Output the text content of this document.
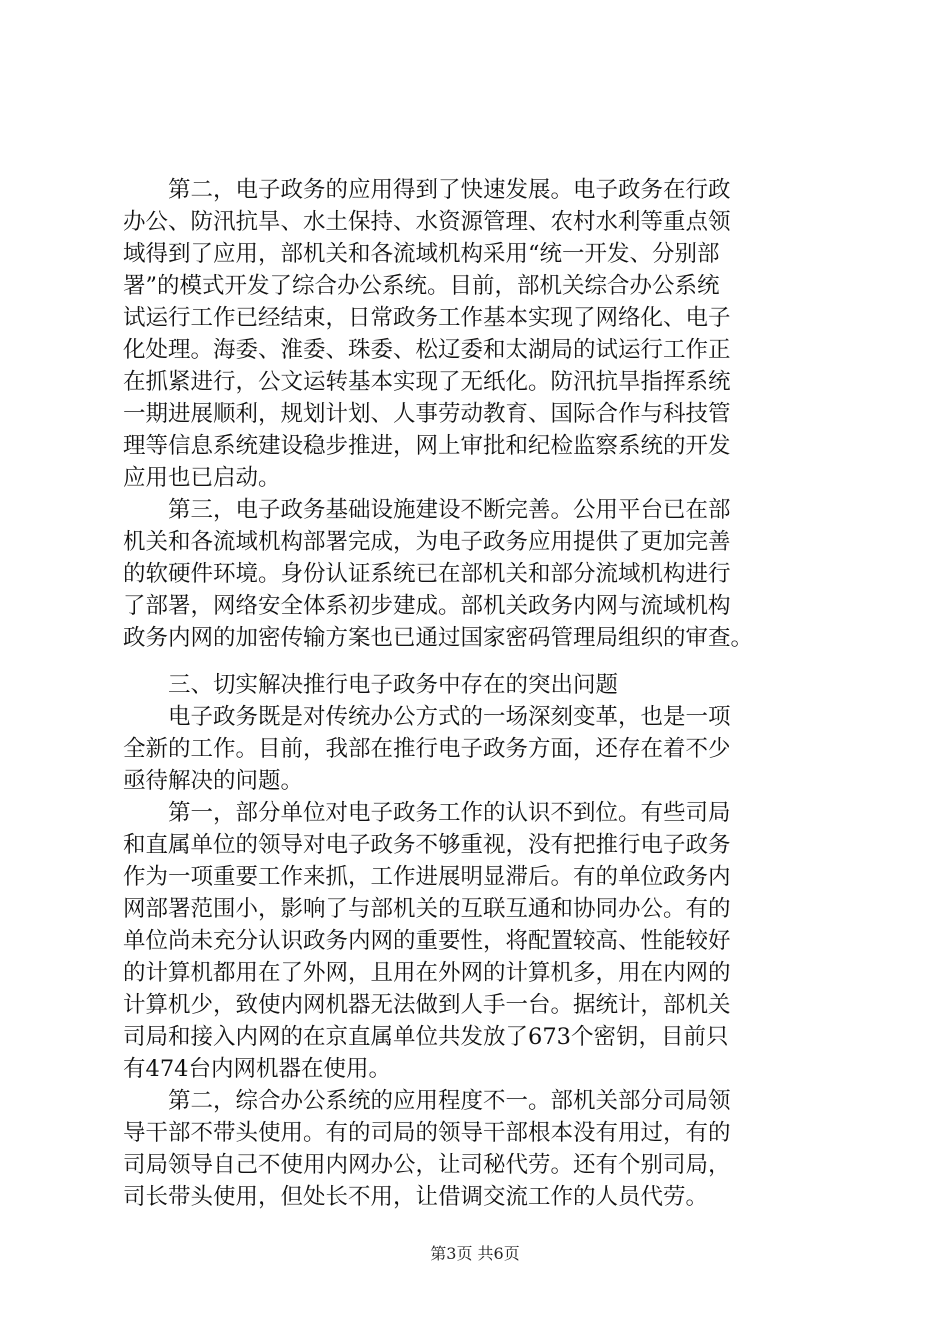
第二，电子政务的应用得到了快速发展。电子政务在行政
办公、防汛抗旱、水土保持、水资源管理、农村水利等重点领
域得到了应用，部机关和各流域机构采用“统一开发、分别部
署”的模式开发了综合办公系统。目前，部机关综合办公系统
试运行工作已经结束，日常政务工作基本实现了网络化、电子
化处理。海委、淮委、珠委、松辽委和太湖局的试运行工作正
在抓紧进行，公文运转基本实现了无纸化。防汛抗旱指挥系统
一期进展顺利，规划计划、人事劳动教育、国际合作与科技管
理等信息系统建设稳步推进，网上审批和纪检监察系统的开发
应用也已启动。
第三，电子政务基础设施建设不断完善。公用平台已在部
机关和各流域机构部署完成，为电子政务应用提供了更加完善
的软硬件环境。身份认证系统已在部机关和部分流域机构进行
了部署，网络安全体系初步建成。部机关政务内网与流域机构
政务内网的加密传输方案也已通过国家密码管理局组织的审查。
三、切实解决推行电子政务中存在的突出问题
电子政务既是对传统办公方式的一场深刻变革，也是一项
全新的工作。目前，我部在推行电子政务方面，还存在着不少
亟待解决的问题。
第一，部分单位对电子政务工作的认识不到位。有些司局
和直属单位的领导对电子政务不够重视，没有把推行电子政务
作为一项重要工作来抓，工作进展明显滞后。有的单位政务内
网部署范围小，影响了与部机关的互联互通和协同办公。有的
单位尚未充分认识政务内网的重要性，将配置较高、性能较好
的计算机都用在了外网，且用在外网的计算机多，用在内网的
计算机少，致使内网机器无法做到人手一台。据统计，部机关
司局和接入内网的在京直属单位共发放了673个密钥，目前只
有474台内网机器在使用。
第二，综合办公系统的应用程度不一。部机关部分司局领
导干部不带头使用。有的司局的领导干部根本没有用过，有的
司局领导自己不使用内网办公，让司秘代劳。还有个别司局，
司长带头使用，但处长不用，让借调交流工作的人员代劳。
第3页 共6页
